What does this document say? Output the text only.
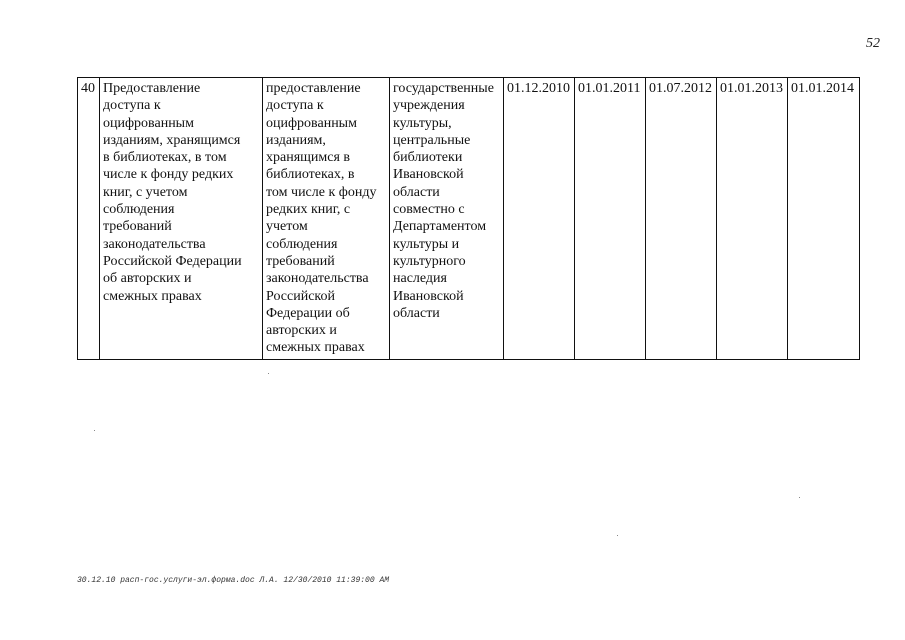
52
40	Предоставление
доступа к
оцифрованным
изданиям, хранящимся
в библиотеках, в том
числе к фонду редких
книг, с учетом
соблюдения
требований
законодательства
Российской Федерации
об авторских и
смежных правах	предоставление
доступа к
оцифрованным
изданиям,
хранящимся в
библиотеках, в
том числе к фонду
редких книг, с
учетом
соблюдения
требований
законодательства
Российской
Федерации об
авторских и
смежных правах	государственные
учреждения
культуры,
центральные
библиотеки
Ивановской
области
совместно с
Департаментом
культуры и
культурного
наследия
Ивановской
области	01.12.2010	01.01.2011	01.07.2012	01.01.2013	01.01.2014
30.12.10 расп-гос.услуги-эл.форма.doc Л.А. 12/30/2010 11:39:00 AM
